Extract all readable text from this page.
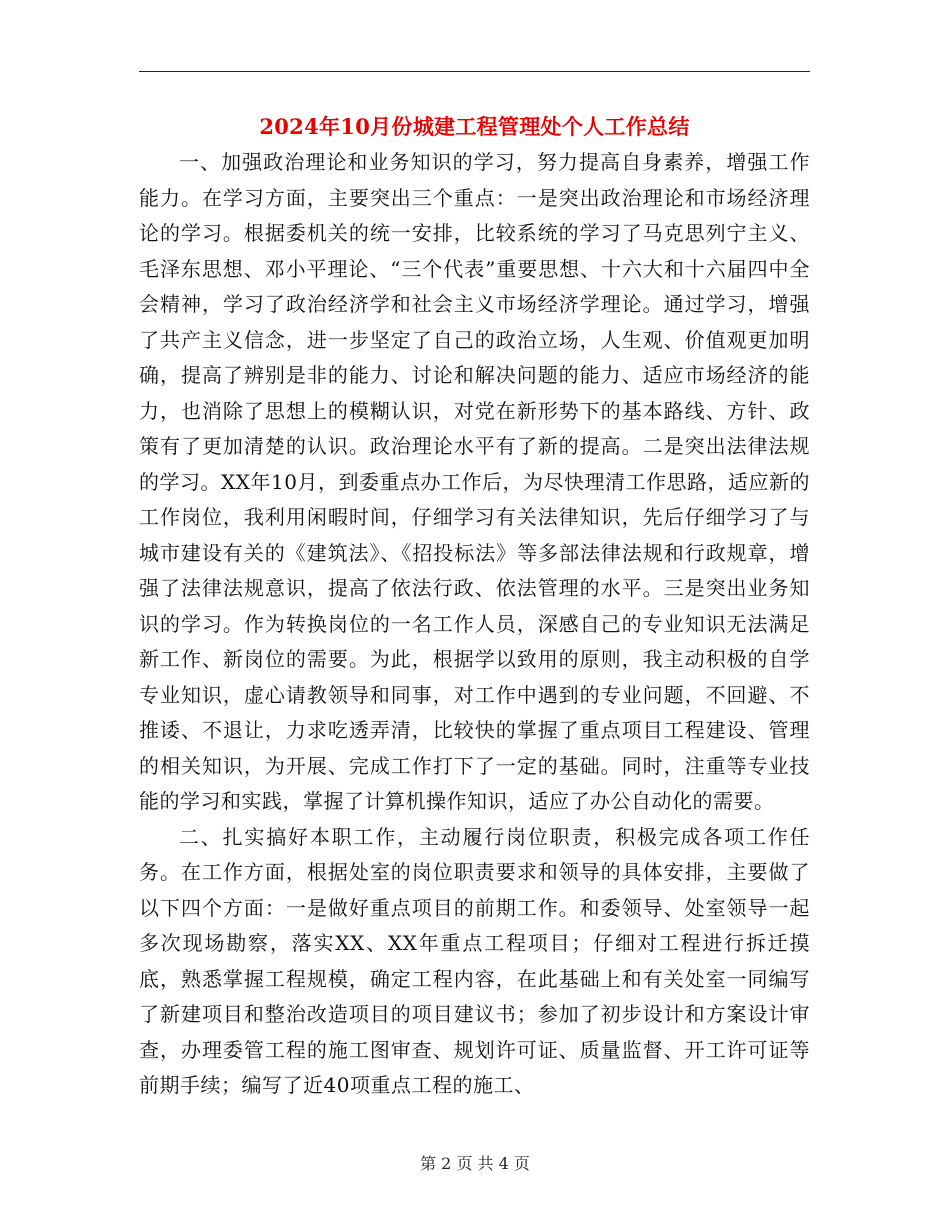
2024年10月份城建工程管理处个人工作总结

一、加强政治理论和业务知识的学习，努力提高自身素养，增强工作能力。在学习方面，主要突出三个重点：一是突出政治理论和市场经济理论的学习。根据委机关的统一安排，比较系统的学习了马克思列宁主义、毛泽东思想、邓小平理论、“三个代表”重要思想、十六大和十六届四中全会精神，学习了政治经济学和社会主义市场经济学理论。通过学习，增强了共产主义信念，进一步坚定了自己的政治立场，人生观、价值观更加明确，提高了辨别是非的能力、讨论和解决问题的能力、适应市场经济的能力，也消除了思想上的模糊认识，对党在新形势下的基本路线、方针、政策有了更加清楚的认识。政治理论水平有了新的提高。二是突出法律法规的学习。XX年10月，到委重点办工作后，为尽快理清工作思路，适应新的工作岗位，我利用闲暇时间，仔细学习有关法律知识，先后仔细学习了与城市建设有关的《建筑法》、《招投标法》等多部法律法规和行政规章，增强了法律法规意识，提高了依法行政、依法管理的水平。三是突出业务知识的学习。作为转换岗位的一名工作人员，深感自己的专业知识无法满足新工作、新岗位的需要。为此，根据学以致用的原则，我主动积极的自学专业知识，虚心请教领导和同事，对工作中遇到的专业问题，不回避、不推诿、不退让，力求吃透弄清，比较快的掌握了重点项目工程建设、管理的相关知识，为开展、完成工作打下了一定的基础。同时，注重等专业技能的学习和实践，掌握了计算机操作知识，适应了办公自动化的需要。

二、扎实搞好本职工作，主动履行岗位职责，积极完成各项工作任务。在工作方面，根据处室的岗位职责要求和领导的具体安排，主要做了以下四个方面：一是做好重点项目的前期工作。和委领导、处室领导一起多次现场勘察，落实XX、XX年重点工程项目；仔细对工程进行拆迁摸底，熟悉掌握工程规模，确定工程内容，在此基础上和有关处室一同编写了新建项目和整治改造项目的项目建议书；参加了初步设计和方案设计审查，办理委管工程的施工图审查、规划许可证、质量监督、开工许可证等前期手续；编写了近40项重点工程的施工、

第 2 页 共 4 页
